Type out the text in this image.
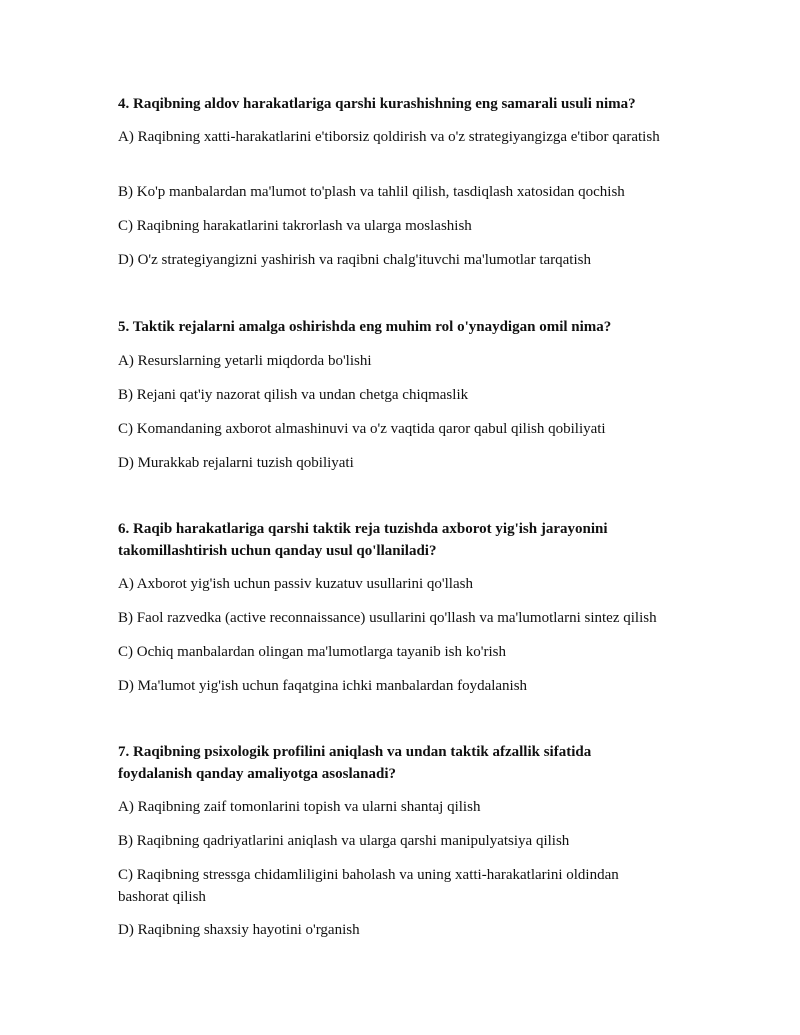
4. Raqibning aldov harakatlariga qarshi kurashishning eng samarali usuli nima?

A) Raqibning xatti-harakatlarini e'tiborsiz qoldirish va o'z strategiyangizga e'tibor qaratish

B) Ko'p manbalardan ma'lumot to'plash va tahlil qilish, tasdiqlash xatosidan qochish

C) Raqibning harakatlarini takrorlash va ularga moslashish

D) O'z strategiyangizni yashirish va raqibni chalg'ituvchi ma'lumotlar tarqatish

5. Taktik rejalarni amalga oshirishda eng muhim rol o'ynaydigan omil nima?

A) Resurslarning yetarli miqdorda bo'lishi

B) Rejani qat'iy nazorat qilish va undan chetga chiqmaslik

C) Komandaning axborot almashinuvi va o'z vaqtida qaror qabul qilish qobiliyati

D) Murakkab rejalarni tuzish qobiliyati

6. Raqib harakatlariga qarshi taktik reja tuzishda axborot yig'ish jarayonini takomillashtirish uchun qanday usul qo'llaniladi?

A) Axborot yig'ish uchun passiv kuzatuv usullarini qo'llash

B) Faol razvedka (active reconnaissance) usullarini qo'llash va ma'lumotlarni sintez qilish

C) Ochiq manbalardan olingan ma'lumotlarga tayanib ish ko'rish

D) Ma'lumot yig'ish uchun faqatgina ichki manbalardan foydalanish

7. Raqibning psixologik profilini aniqlash va undan taktik afzallik sifatida foydalanish qanday amaliyotga asoslanadi?

A) Raqibning zaif tomonlarini topish va ularni shantaj qilish

B) Raqibning qadriyatlarini aniqlash va ularga qarshi manipulyatsiya qilish

C) Raqibning stressga chidamliligini baholash va uning xatti-harakatlarini oldindan bashorat qilish

D) Raqibning shaxsiy hayotini o'rganish
